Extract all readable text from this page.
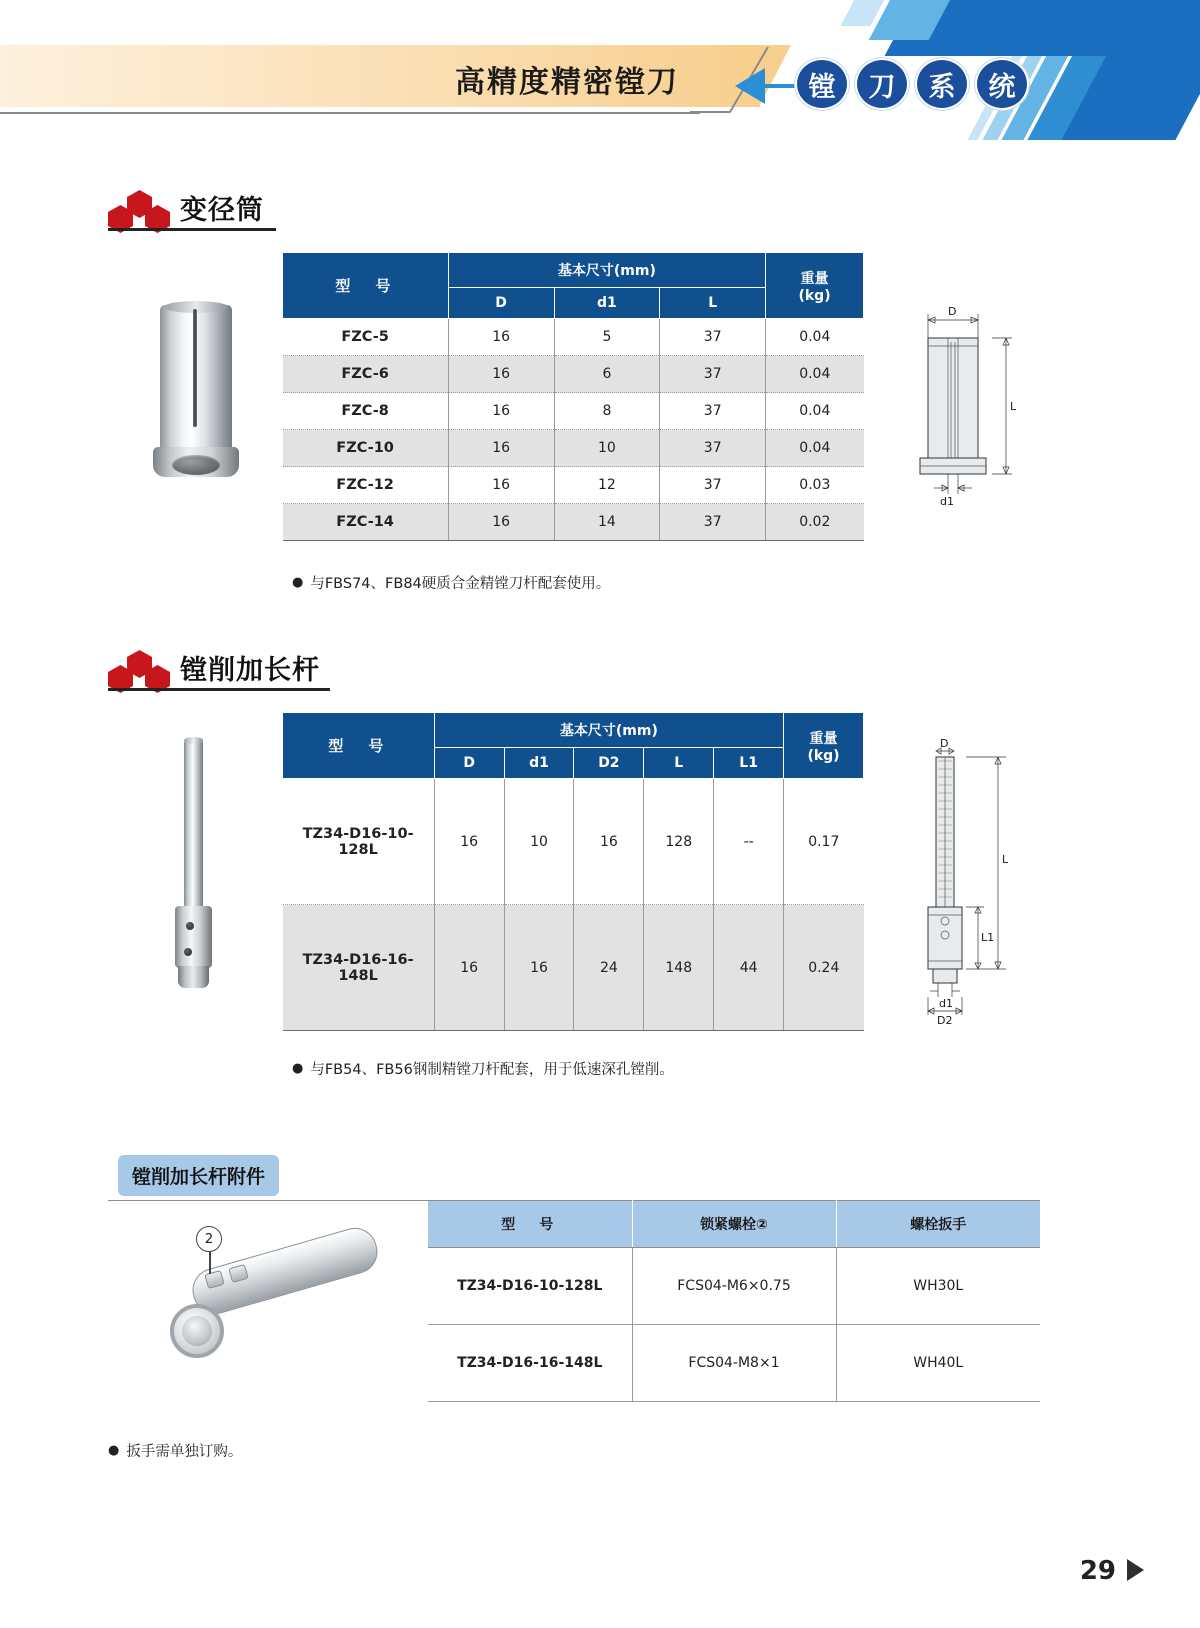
高精度精密镗刀	镗	刀	系	统
变径筒
型　号	基本尺寸(mm)			重量
(kg)

	D	d1	L	
FZC-5	16	5	37	0.04
FZC-6	16	6	37	0.04
FZC-8	16	8	37	0.04
FZC-10	16	10	37	0.04
FZC-12	16	12	37	0.03
FZC-14	16	14	37	0.02
● 与FBS74、FB84硬质合金精镗刀杆配套使用。
D
L
d1
镗削加长杆
型　号	基本尺寸(mm)					重量
(kg)

	D	d1	D2	L	L1	
TZ34-D16-10-128L	16	10	16	128	--	0.17
TZ34-D16-16-148L	16	16	24	148	44	0.24
● 与FB54、FB56钢制精镗刀杆配套，用于低速深孔镗削。
D
L
L1
d1
D2
镗削加长杆附件
2
型　号	锁紧螺栓②	螺栓扳手
TZ34-D16-10-128L	FCS04-M6×0.75	WH30L
TZ34-D16-16-148L	FCS04-M8×1	WH40L
● 扳手需单独订购。
29
